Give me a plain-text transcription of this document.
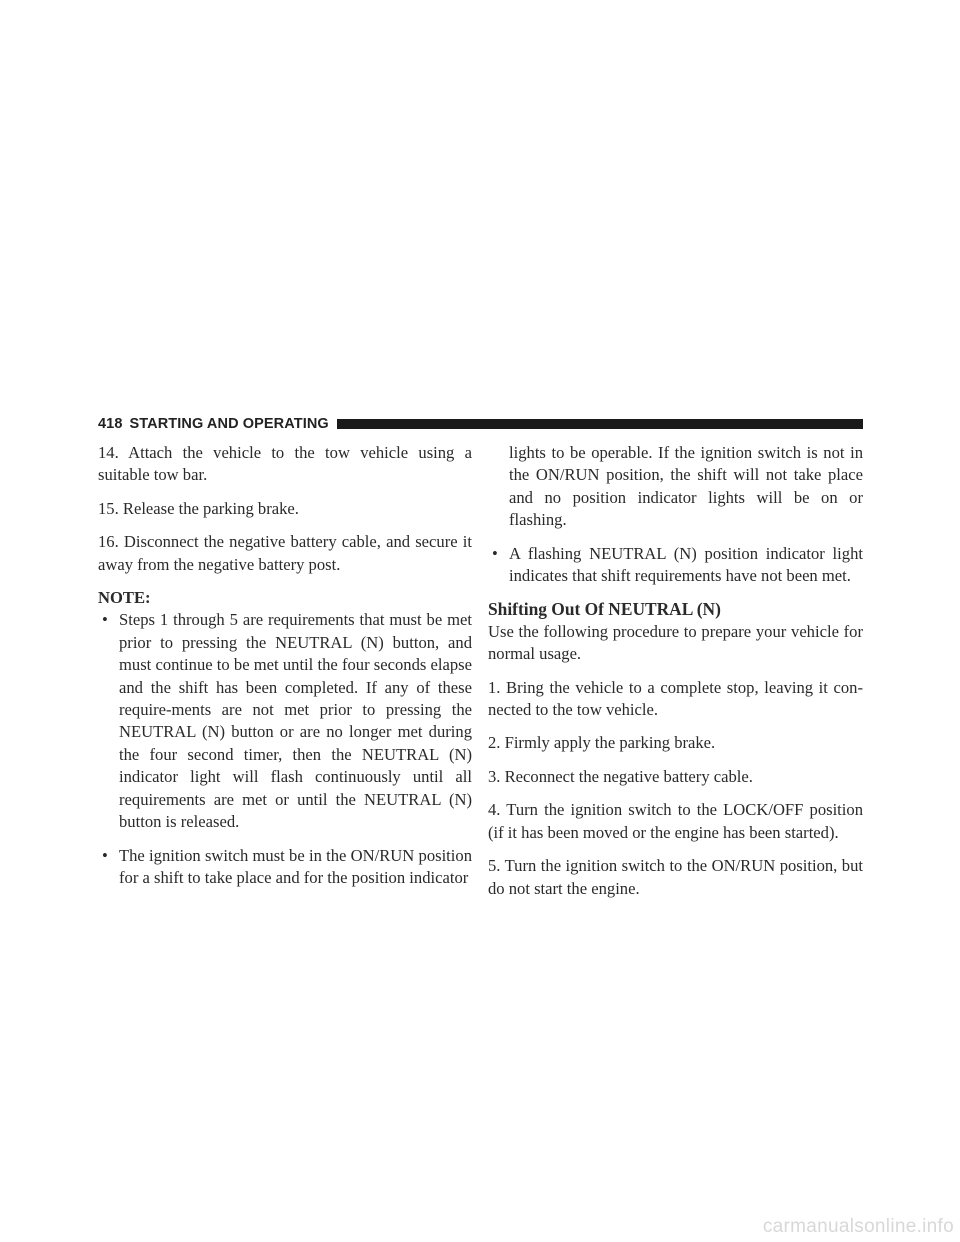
418 STARTING AND OPERATING

14. Attach the vehicle to the tow vehicle using a suitable tow bar.

15. Release the parking brake.

16. Disconnect the negative battery cable, and secure it away from the negative battery post.

NOTE:

• Steps 1 through 5 are requirements that must be met prior to pressing the NEUTRAL (N) button, and must continue to be met until the four seconds elapse and the shift has been completed. If any of these require-ments are not met prior to pressing the NEUTRAL (N) button or are no longer met during the four second timer, then the NEUTRAL (N) indicator light will flash continuously until all requirements are met or until the NEUTRAL (N) button is released.
• The ignition switch must be in the ON/RUN position for a shift to take place and for the position indicator

lights to be operable. If the ignition switch is not in the ON/RUN position, the shift will not take place and no position indicator lights will be on or flashing.

• A flashing NEUTRAL (N) position indicator light indicates that shift requirements have not been met.

Shifting Out Of NEUTRAL (N)

Use the following procedure to prepare your vehicle for normal usage.

1. Bring the vehicle to a complete stop, leaving it con-nected to the tow vehicle.

2. Firmly apply the parking brake.

3. Reconnect the negative battery cable.

4. Turn the ignition switch to the LOCK/OFF position (if it has been moved or the engine has been started).

5. Turn the ignition switch to the ON/RUN position, but do not start the engine.

carmanualsonline.info
